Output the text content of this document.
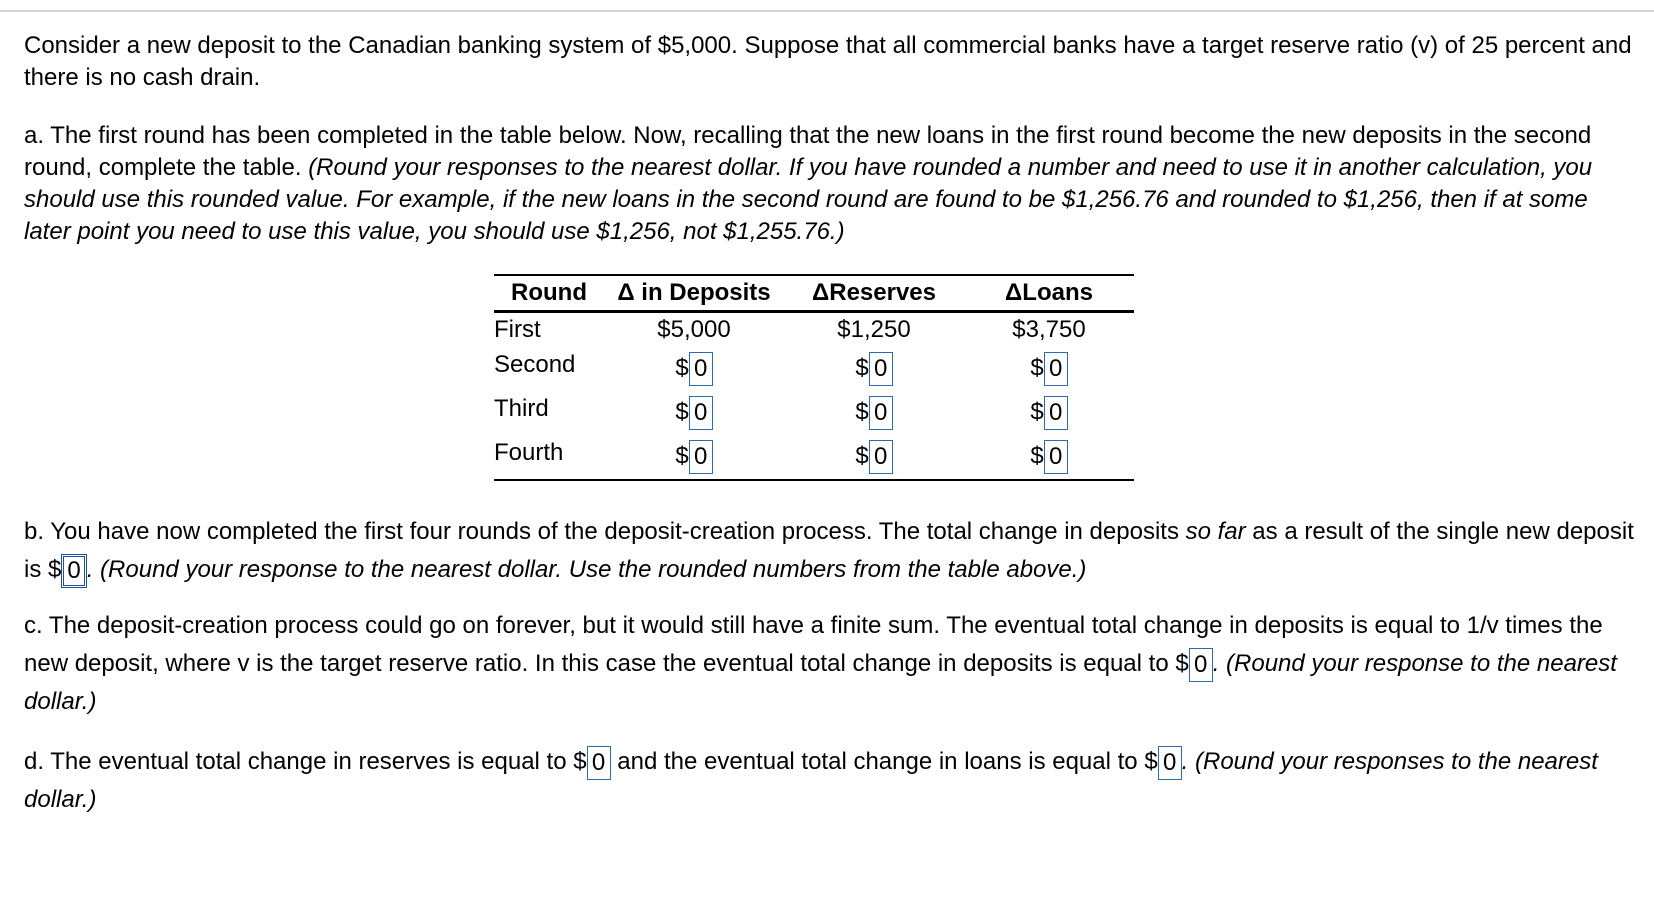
Consider a new deposit to the Canadian banking system of $5,000. Suppose that all commercial banks have a target reserve ratio (v) of 25 percent and there is no cash drain.

a. The first round has been completed in the table below. Now, recalling that the new loans in the first round become the new deposits in the second round, complete the table. (Round your responses to the nearest dollar. If you have rounded a number and need to use it in another calculation, you should use this rounded value. For example, if the new loans in the second round are found to be $1,256.76 and rounded to $1,256, then if at some later point you need to use this value, you should use $1,256, not $1,255.76.)

Round	Δ in Deposits	ΔReserves	ΔLoans
First	$5,000	$1,250	$3,750
Second	$ 0	$ 0	$ 0
Third	$ 0	$ 0	$ 0
Fourth	$ 0	$ 0	$ 0

b. You have now completed the first four rounds of the deposit-creation process. The total change in deposits so far as a result of the single new deposit is $ 0 . (Round your response to the nearest dollar. Use the rounded numbers from the table above.)

c. The deposit-creation process could go on forever, but it would still have a finite sum. The eventual total change in deposits is equal to 1/v times the new deposit, where v is the target reserve ratio. In this case the eventual total change in deposits is equal to $ 0 . (Round your response to the nearest dollar.)

d. The eventual total change in reserves is equal to $ 0 and the eventual total change in loans is equal to $ 0 . (Round your responses to the nearest dollar.)
